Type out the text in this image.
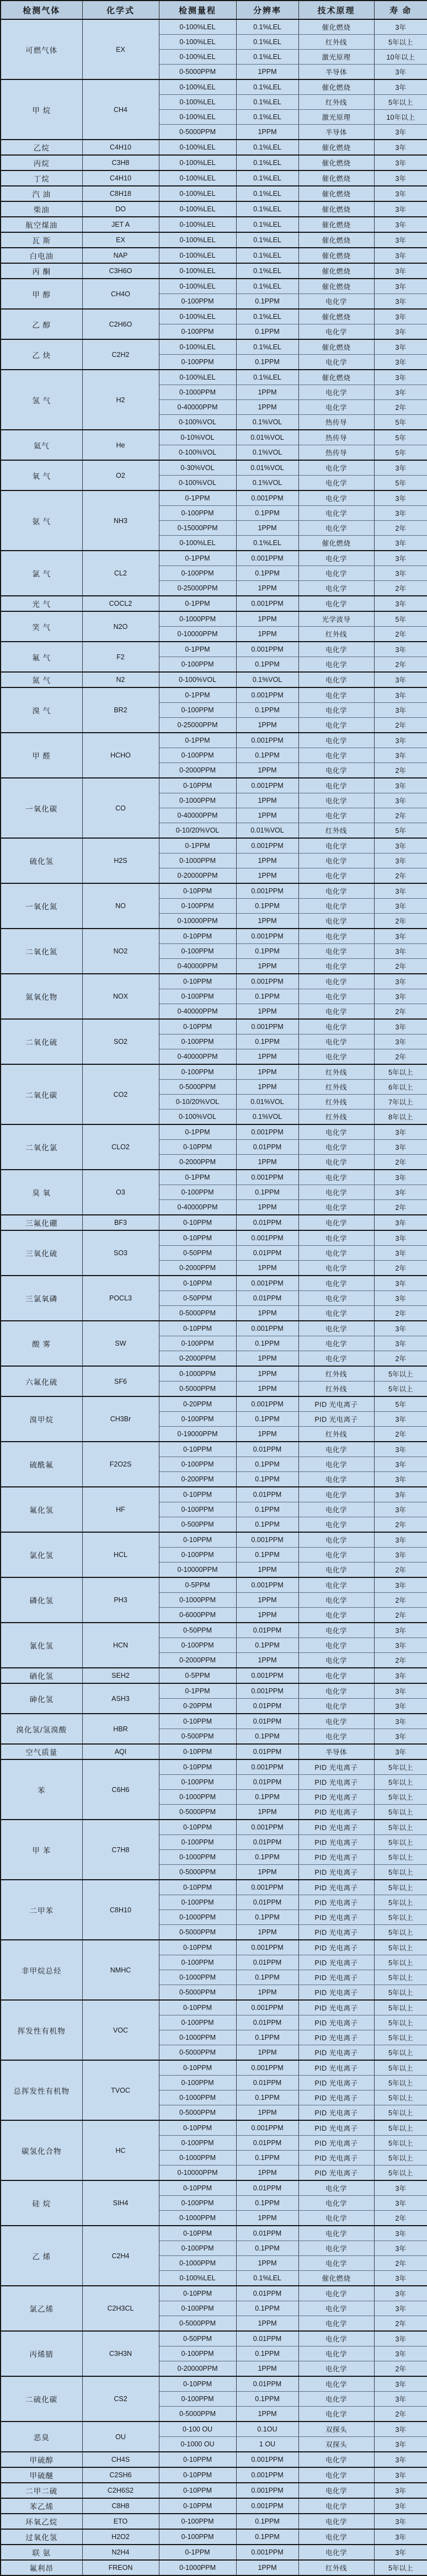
检测气体	化学式	检测量程	分辨率	技术原理	寿 命
可燃气体	EX	0-100%LEL	0.1%LEL	催化燃烧	3年
		0-100%LEL	0.1%LEL	红外线	5年以上
		0-100%LEL	0.1%LEL	激光原理	10年以上
		0-5000PPM	1PPM	半导体	3年
甲 烷	CH4	0-100%LEL	0.1%LEL	催化燃烧	3年
		0-100%LEL	0.1%LEL	红外线	5年以上
		0-100%LEL	0.1%LEL	激光原理	10年以上
		0-5000PPM	1PPM	半导体	3年
乙烷	C4H10	0-100%LEL	0.1%LEL	催化燃烧	3年
丙烷	C3H8	0-100%LEL	0.1%LEL	催化燃烧	3年
丁烷	C4H10	0-100%LEL	0.1%LEL	催化燃烧	3年
汽 油	C8H18	0-100%LEL	0.1%LEL	催化燃烧	3年
柴油	DO	0-100%LEL	0.1%LEL	催化燃烧	3年
航空煤油	JET A	0-100%LEL	0.1%LEL	催化燃烧	3年
瓦 斯	EX	0-100%LEL	0.1%LEL	催化燃烧	3年
白电油	NAP	0-100%LEL	0.1%LEL	催化燃烧	3年
丙 酮	C3H6O	0-100%LEL	0.1%LEL	催化燃烧	3年
甲 醇	CH4O	0-100%LEL	0.1%LEL	催化燃烧	3年
		0-100PPM	0.1PPM	电化学	3年
乙 醇	C2H6O	0-100%LEL	0.1%LEL	催化燃烧	3年
		0-100PPM	0.1PPM	电化学	3年
乙 炔	C2H2	0-100%LEL	0.1%LEL	催化燃烧	3年
		0-100PPM	0.1PPM	电化学	3年
氢 气	H2	0-100%LEL	0.1%LEL	催化燃烧	3年
		0-1000PPM	1PPM	电化学	3年
		0-40000PPM	1PPM	电化学	2年
		0-100%VOL	0.1%VOL	热传导	5年
氦气	He	0-10%VOL	0.01%VOL	热传导	5年
		0-100%VOL	0.1%VOL	热传导	5年
氧 气	O2	0-30%VOL	0.01%VOL	电化学	3年
		0-100%VOL	0.1%VOL	电化学	5年
氨 气	NH3	0-1PPM	0.001PPM	电化学	3年
		0-100PPM	0.1PPM	电化学	3年
		0-15000PPM	1PPM	电化学	2年
		0-100%LEL	0.1%LEL	催化燃烧	3年
氯 气	CL2	0-1PPM	0.001PPM	电化学	3年
		0-100PPM	0.1PPM	电化学	3年
		0-25000PPM	1PPM	电化学	2年
光 气	COCL2	0-1PPM	0.001PPM	电化学	3年
笑 气	N2O	0-1000PPM	1PPM	光学波导	5年
		0-10000PPM	1PPM	红外线	2年
氟 气	F2	0-1PPM	0.001PPM	电化学	3年
		0-100PPM	0.1PPM	电化学	2年
氮 气	N2	0-100%VOL	0.1%VOL	电化学	3年
溴 气	BR2	0-1PPM	0.001PPM	电化学	3年
		0-100PPM	0.1PPM	电化学	3年
		0-25000PPM	1PPM	电化学	2年
甲 醛	HCHO	0-1PPM	0.001PPM	电化学	3年
		0-100PPM	0.1PPM	电化学	3年
		0-2000PPM	1PPM	电化学	2年
一氧化碳	CO	0-10PPM	0.001PPM	电化学	3年
		0-1000PPM	1PPM	电化学	3年
		0-40000PPM	1PPM	电化学	2年
		0-10/20%VOL	0.01%VOL	红外线	5年
硫化氢	H2S	0-1PPM	0.001PPM	电化学	3年
		0-1000PPM	1PPM	电化学	3年
		0-20000PPM	1PPM	电化学	2年
一氧化氮	NO	0-10PPM	0.001PPM	电化学	3年
		0-100PPM	0.1PPM	电化学	3年
		0-10000PPM	1PPM	电化学	2年
二氧化氮	NO2	0-10PPM	0.001PPM	电化学	3年
		0-100PPM	0.1PPM	电化学	3年
		0-40000PPM	1PPM	电化学	2年
氮氧化物	NOX	0-10PPM	0.001PPM	电化学	3年
		0-100PPM	0.1PPM	电化学	3年
		0-40000PPM	1PPM	电化学	2年
二氧化硫	SO2	0-10PPM	0.001PPM	电化学	3年
		0-100PPM	0.1PPM	电化学	3年
		0-40000PPM	1PPM	电化学	2年
二氧化碳	CO2	0-100PPM	1PPM	红外线	5年以上
		0-5000PPM	1PPM	红外线	6年以上
		0-10/20%VOL	0.01%VOL	红外线	7年以上
		0-100%VOL	0.1%VOL	红外线	8年以上
二氧化氯	CLO2	0-1PPM	0.001PPM	电化学	3年
		0-10PPM	0.01PPM	电化学	3年
		0-2000PPM	1PPM	电化学	2年
臭 氧	O3	0-1PPM	0.001PPM	电化学	3年
		0-100PPM	0.1PPM	电化学	3年
		0-40000PPM	1PPM	电化学	2年
三氟化硼	BF3	0-10PPM	0.01PPM	电化学	3年
三氧化硫	SO3	0-10PPM	0.001PPM	电化学	3年
		0-50PPM	0.01PPM	电化学	3年
		0-2000PPM	1PPM	电化学	2年
三氯氧磷	POCL3	0-10PPM	0.001PPM	电化学	3年
		0-50PPM	0.01PPM	电化学	3年
		0-5000PPM	1PPM	电化学	2年
酸 雾	SW	0-10PPM	0.001PPM	电化学	3年
		0-100PPM	0.1PPM	电化学	3年
		0-2000PPM	1PPM	电化学	2年
六氟化硫	SF6	0-1000PPM	1PPM	红外线	5年以上
		0-5000PPM	1PPM	红外线	5年以上
溴甲烷	CH3Br	0-20PPM	0.001PPM	PID 光电离子	5年
		0-100PPM	0.1PPM	PID 光电离子	3年
		0-19000PPM	1PPM	红外线	2年
硫酰氟	F2O2S	0-10PPM	0.01PPM	电化学	3年
		0-100PPM	0.1PPM	电化学	3年
		0-200PPM	0.1PPM	电化学	3年
氟化氢	HF	0-10PPM	0.01PPM	电化学	3年
		0-100PPM	0.1PPM	电化学	3年
		0-500PPM	0.1PPM	电化学	2年
氯化氢	HCL	0-10PPM	0.001PPM	电化学	3年
		0-100PPM	0.1PPM	电化学	3年
		0-10000PPM	1PPM	电化学	2年
磷化氢	PH3	0-5PPM	0.001PPM	电化学	3年
		0-1000PPM	1PPM	电化学	2年
		0-6000PPM	1PPM	电化学	2年
氰化氢	HCN	0-50PPM	0.01PPM	电化学	3年
		0-100PPM	0.1PPM	电化学	3年
		0-2000PPM	1PPM	电化学	2年
硒化氢	SEH2	0-5PPM	0.001PPM	电化学	3年
砷化氢	ASH3	0-1PPM	0.001PPM	电化学	3年
		0-20PPM	0.01PPM	电化学	3年
溴化氢/氢溴酸	HBR	0-10PPM	0.01PPM	电化学	3年
		0-500PPM	0.1PPM	电化学	3年
空气质量	AQI	0-10PPM	0.01PPM	半导体	3年
苯	C6H6	0-10PPM	0.001PPM	PID 光电离子	5年以上
		0-100PPM	0.01PPM	PID 光电离子	5年以上
		0-1000PPM	0.1PPM	PID 光电离子	5年以上
		0-5000PPM	1PPM	PID 光电离子	5年以上
甲 苯	C7H8	0-10PPM	0.001PPM	PID 光电离子	5年以上
		0-100PPM	0.01PPM	PID 光电离子	5年以上
		0-1000PPM	0.1PPM	PID 光电离子	5年以上
		0-5000PPM	1PPM	PID 光电离子	5年以上
二甲苯	C8H10	0-10PPM	0.001PPM	PID 光电离子	5年以上
		0-100PPM	0.01PPM	PID 光电离子	5年以上
		0-1000PPM	0.1PPM	PID 光电离子	5年以上
		0-5000PPM	1PPM	PID 光电离子	5年以上
非甲烷总烃	NMHC	0-10PPM	0.001PPM	PID 光电离子	5年以上
		0-100PPM	0.01PPM	PID 光电离子	5年以上
		0-1000PPM	0.1PPM	PID 光电离子	5年以上
		0-5000PPM	1PPM	PID 光电离子	5年以上
挥发性有机物	VOC	0-10PPM	0.001PPM	PID 光电离子	5年以上
		0-100PPM	0.01PPM	PID 光电离子	5年以上
		0-1000PPM	0.1PPM	PID 光电离子	5年以上
		0-5000PPM	1PPM	PID 光电离子	5年以上
总挥发性有机物	TVOC	0-10PPM	0.001PPM	PID 光电离子	5年以上
		0-100PPM	0.01PPM	PID 光电离子	5年以上
		0-1000PPM	0.1PPM	PID 光电离子	5年以上
		0-5000PPM	1PPM	PID 光电离子	5年以上
碳氢化合物	HC	0-10PPM	0.001PPM	PID 光电离子	5年以上
		0-100PPM	0.01PPM	PID 光电离子	5年以上
		0-1000PPM	0.1PPM	PID 光电离子	5年以上
		0-10000PPM	1PPM	PID 光电离子	5年以上
硅 烷	SIH4	0-10PPM	0.01PPM	电化学	3年
		0-100PPM	0.1PPM	电化学	3年
		0-1000PPM	1PPM	电化学	2年
乙 烯	C2H4	0-10PPM	0.01PPM	电化学	3年
		0-100PPM	0.1PPM	电化学	3年
		0-1000PPM	1PPM	电化学	2年
		0-100%LEL	0.1%LEL	催化燃烧	3年
氯乙烯	C2H3CL	0-10PPM	0.01PPM	电化学	3年
		0-100PPM	0.1PPM	电化学	3年
		0-5000PPM	1PPM	电化学	2年
丙烯腈	C3H3N	0-50PPM	0.01PPM	电化学	3年
		0-100PPM	0.1PPM	电化学	3年
		0-20000PPM	1PPM	电化学	2年
二硫化碳	CS2	0-10PPM	0.01PPM	电化学	3年
		0-100PPM	0.1PPM	电化学	3年
		0-5000PPM	1PPM	电化学	2年
恶臭	OU	0-100 OU	0.1OU	双探头	3年
		0-1000 OU	1 OU	双探头	3年
甲硫醇	CH4S	0-10PPM	0.001PPM	电化学	3年
甲硫醚	C2SH6	0-10PPM	0.001PPM	电化学	3年
二甲二硫	C2H6S2	0-10PPM	0.001PPM	电化学	3年
苯乙烯	C8H8	0-10PPM	0.001PPM	电化学	3年
环氧乙烷	ETO	0-100PPM	0.1PPM	电化学	3年
过氧化氢	H2O2	0-100PPM	0.1PPM	电化学	3年
联 氨	N2H4	0-1PPM	0.001PPM	电化学	3年
氟利昂	FREON	0-1000PPM	1PPM	红外线	5年以上
